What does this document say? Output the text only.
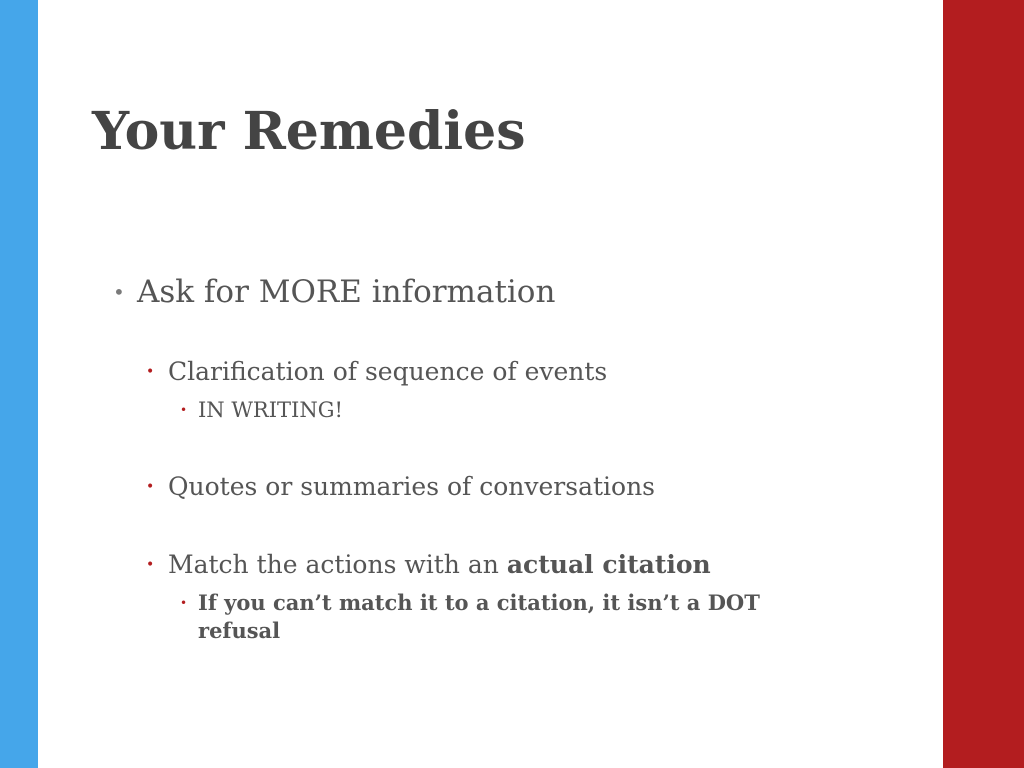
Your Remedies
• Ask for MORE information
• Clarification of sequence of events
• IN WRITING!
• Quotes or summaries of conversations
• Match the actions with an actual citation
• If you can’t match it to a citation, it isn’t a DOT refusal
